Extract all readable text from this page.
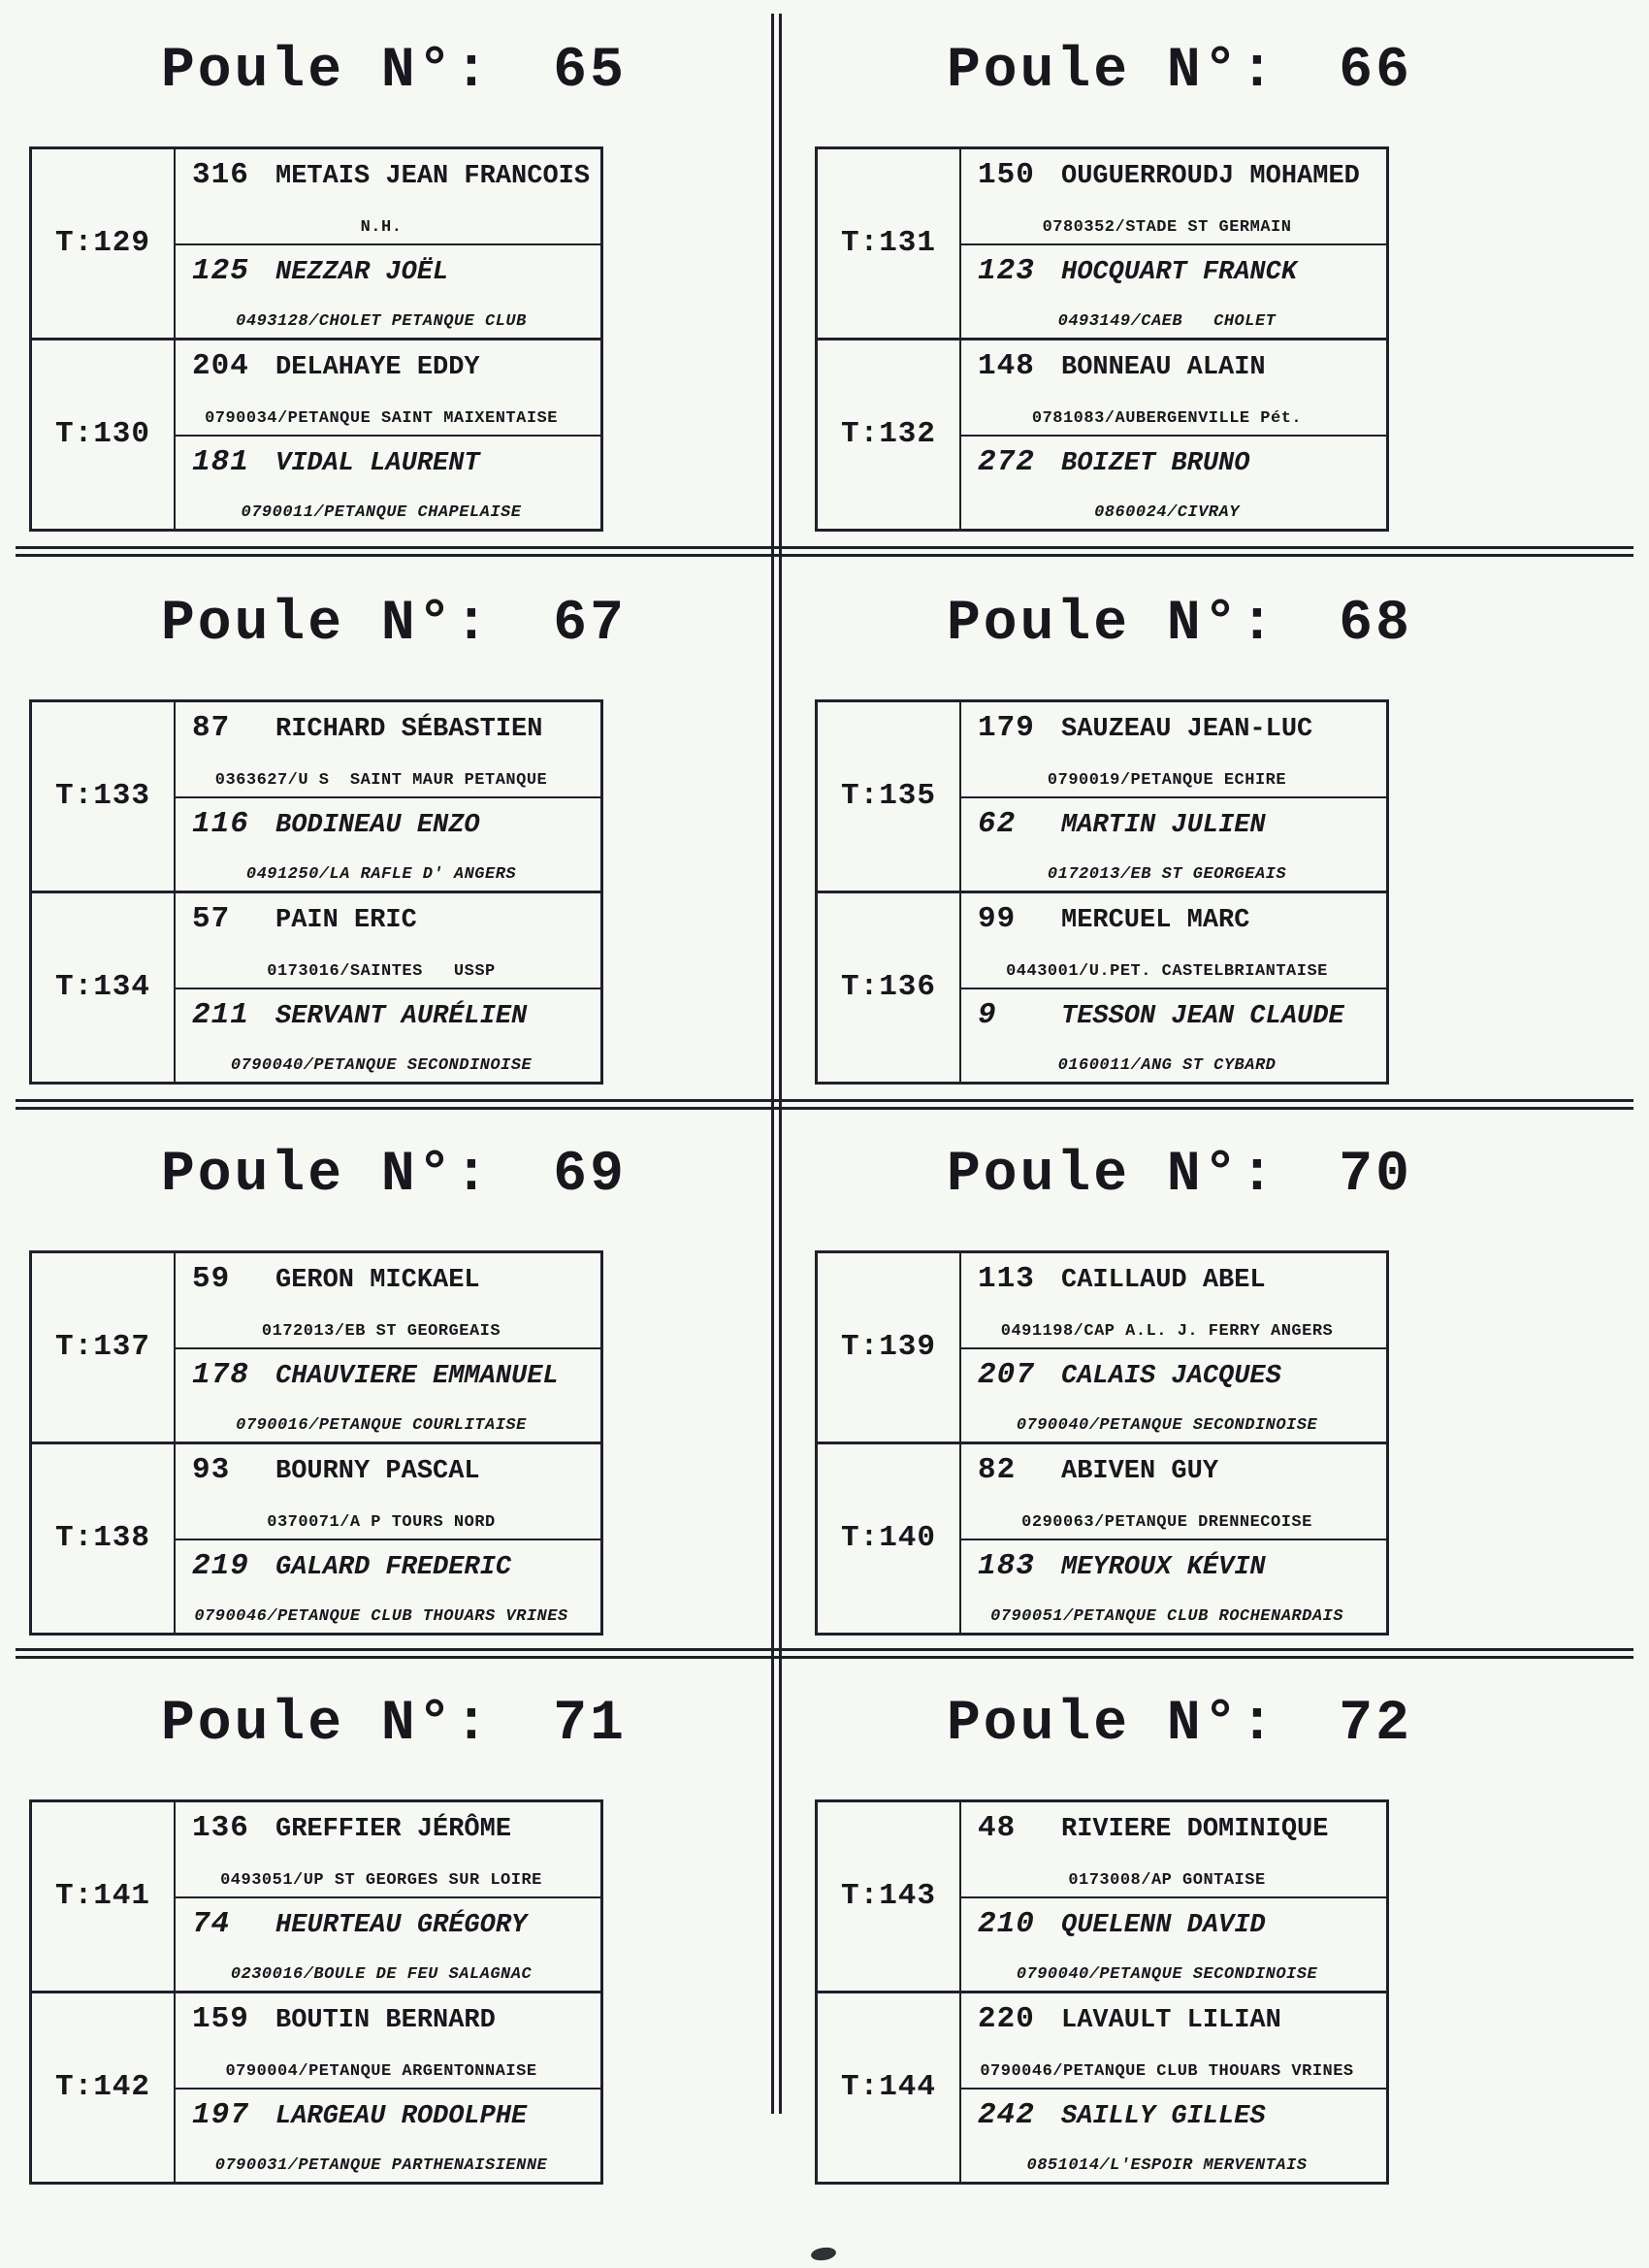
Poule N°: 65
T:129
316	METAIS JEAN FRANCOIS
N.H.
125	NEZZAR JOËL
0493128/CHOLET PETANQUE CLUB
T:130
204	DELAHAYE EDDY
0790034/PETANQUE SAINT MAIXENTAISE
181	VIDAL LAURENT
0790011/PETANQUE CHAPELAISE
Poule N°: 66
T:131
150	OUGUERROUDJ MOHAMED
0780352/STADE ST GERMAIN
123	HOCQUART FRANCK
0493149/CAEB   CHOLET
T:132
148	BONNEAU ALAIN
0781083/AUBERGENVILLE Pét.
272	BOIZET BRUNO
0860024/CIVRAY
Poule N°: 67
T:133
87	RICHARD SÉBASTIEN
0363627/U S  SAINT MAUR PETANQUE
116	BODINEAU ENZO
0491250/LA RAFLE D' ANGERS
T:134
57	PAIN ERIC
0173016/SAINTES   USSP
211	SERVANT AURÉLIEN
0790040/PETANQUE SECONDINOISE
Poule N°: 68
T:135
179	SAUZEAU JEAN-LUC
0790019/PETANQUE ECHIRE
62	MARTIN JULIEN
0172013/EB ST GEORGEAIS
T:136
99	MERCUEL MARC
0443001/U.PET. CASTELBRIANTAISE
9	TESSON JEAN CLAUDE
0160011/ANG ST CYBARD
Poule N°: 69
T:137
59	GERON MICKAEL
0172013/EB ST GEORGEAIS
178	CHAUVIERE EMMANUEL
0790016/PETANQUE COURLITAISE
T:138
93	BOURNY PASCAL
0370071/A P TOURS NORD
219	GALARD FREDERIC
0790046/PETANQUE CLUB THOUARS VRINES
Poule N°: 70
T:139
113	CAILLAUD ABEL
0491198/CAP A.L. J. FERRY ANGERS
207	CALAIS JACQUES
0790040/PETANQUE SECONDINOISE
T:140
82	ABIVEN GUY
0290063/PETANQUE DRENNECOISE
183	MEYROUX KÉVIN
0790051/PETANQUE CLUB ROCHENARDAIS
Poule N°: 71
T:141
136	GREFFIER JÉRÔME
0493051/UP ST GEORGES SUR LOIRE
74	HEURTEAU GRÉGORY
0230016/BOULE DE FEU SALAGNAC
T:142
159	BOUTIN BERNARD
0790004/PETANQUE ARGENTONNAISE
197	LARGEAU RODOLPHE
0790031/PETANQUE PARTHENAISIENNE
Poule N°: 72
T:143
48	RIVIERE DOMINIQUE
0173008/AP GONTAISE
210	QUELENN DAVID
0790040/PETANQUE SECONDINOISE
T:144
220	LAVAULT LILIAN
0790046/PETANQUE CLUB THOUARS VRINES
242	SAILLY GILLES
0851014/L'ESPOIR MERVENTAIS
